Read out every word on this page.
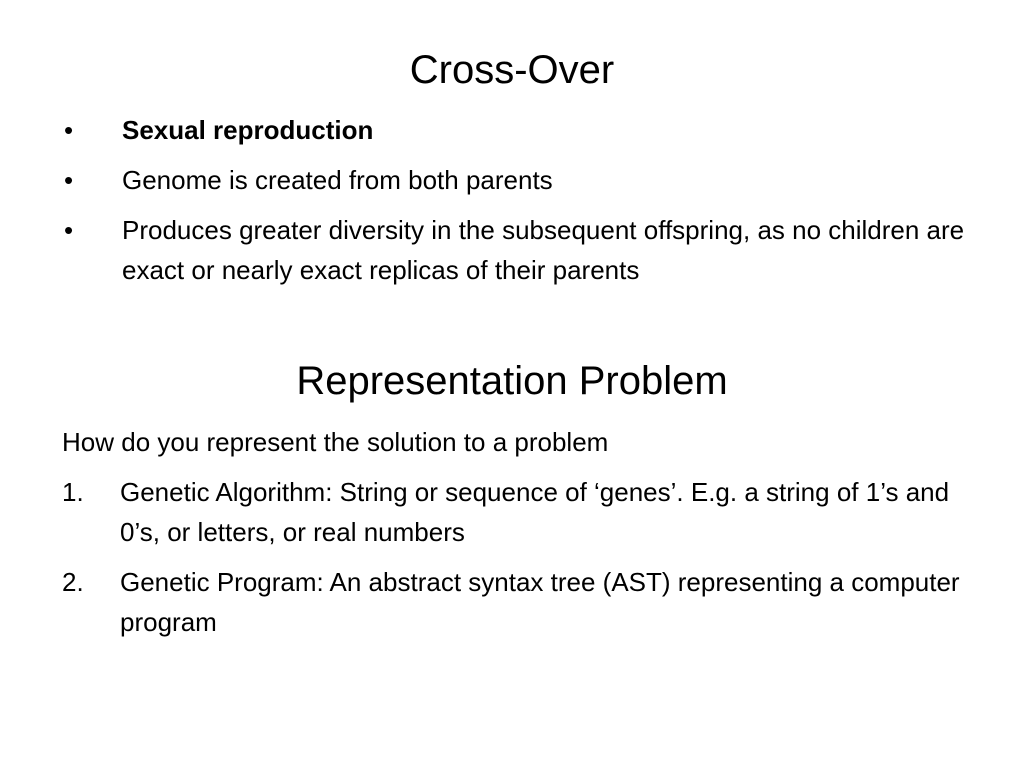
Cross-Over
•	Sexual reproduction
•	Genome is created from both parents
•	Produces greater diversity in the subsequent offspring, as no children are exact or nearly exact replicas of their parents
Representation Problem
How do you represent the solution to a problem
1.	Genetic Algorithm: String or sequence of ‘genes’. E.g. a string of 1’s and 0’s, or letters, or real numbers
2.	Genetic Program: An abstract syntax tree (AST) representing a computer program
